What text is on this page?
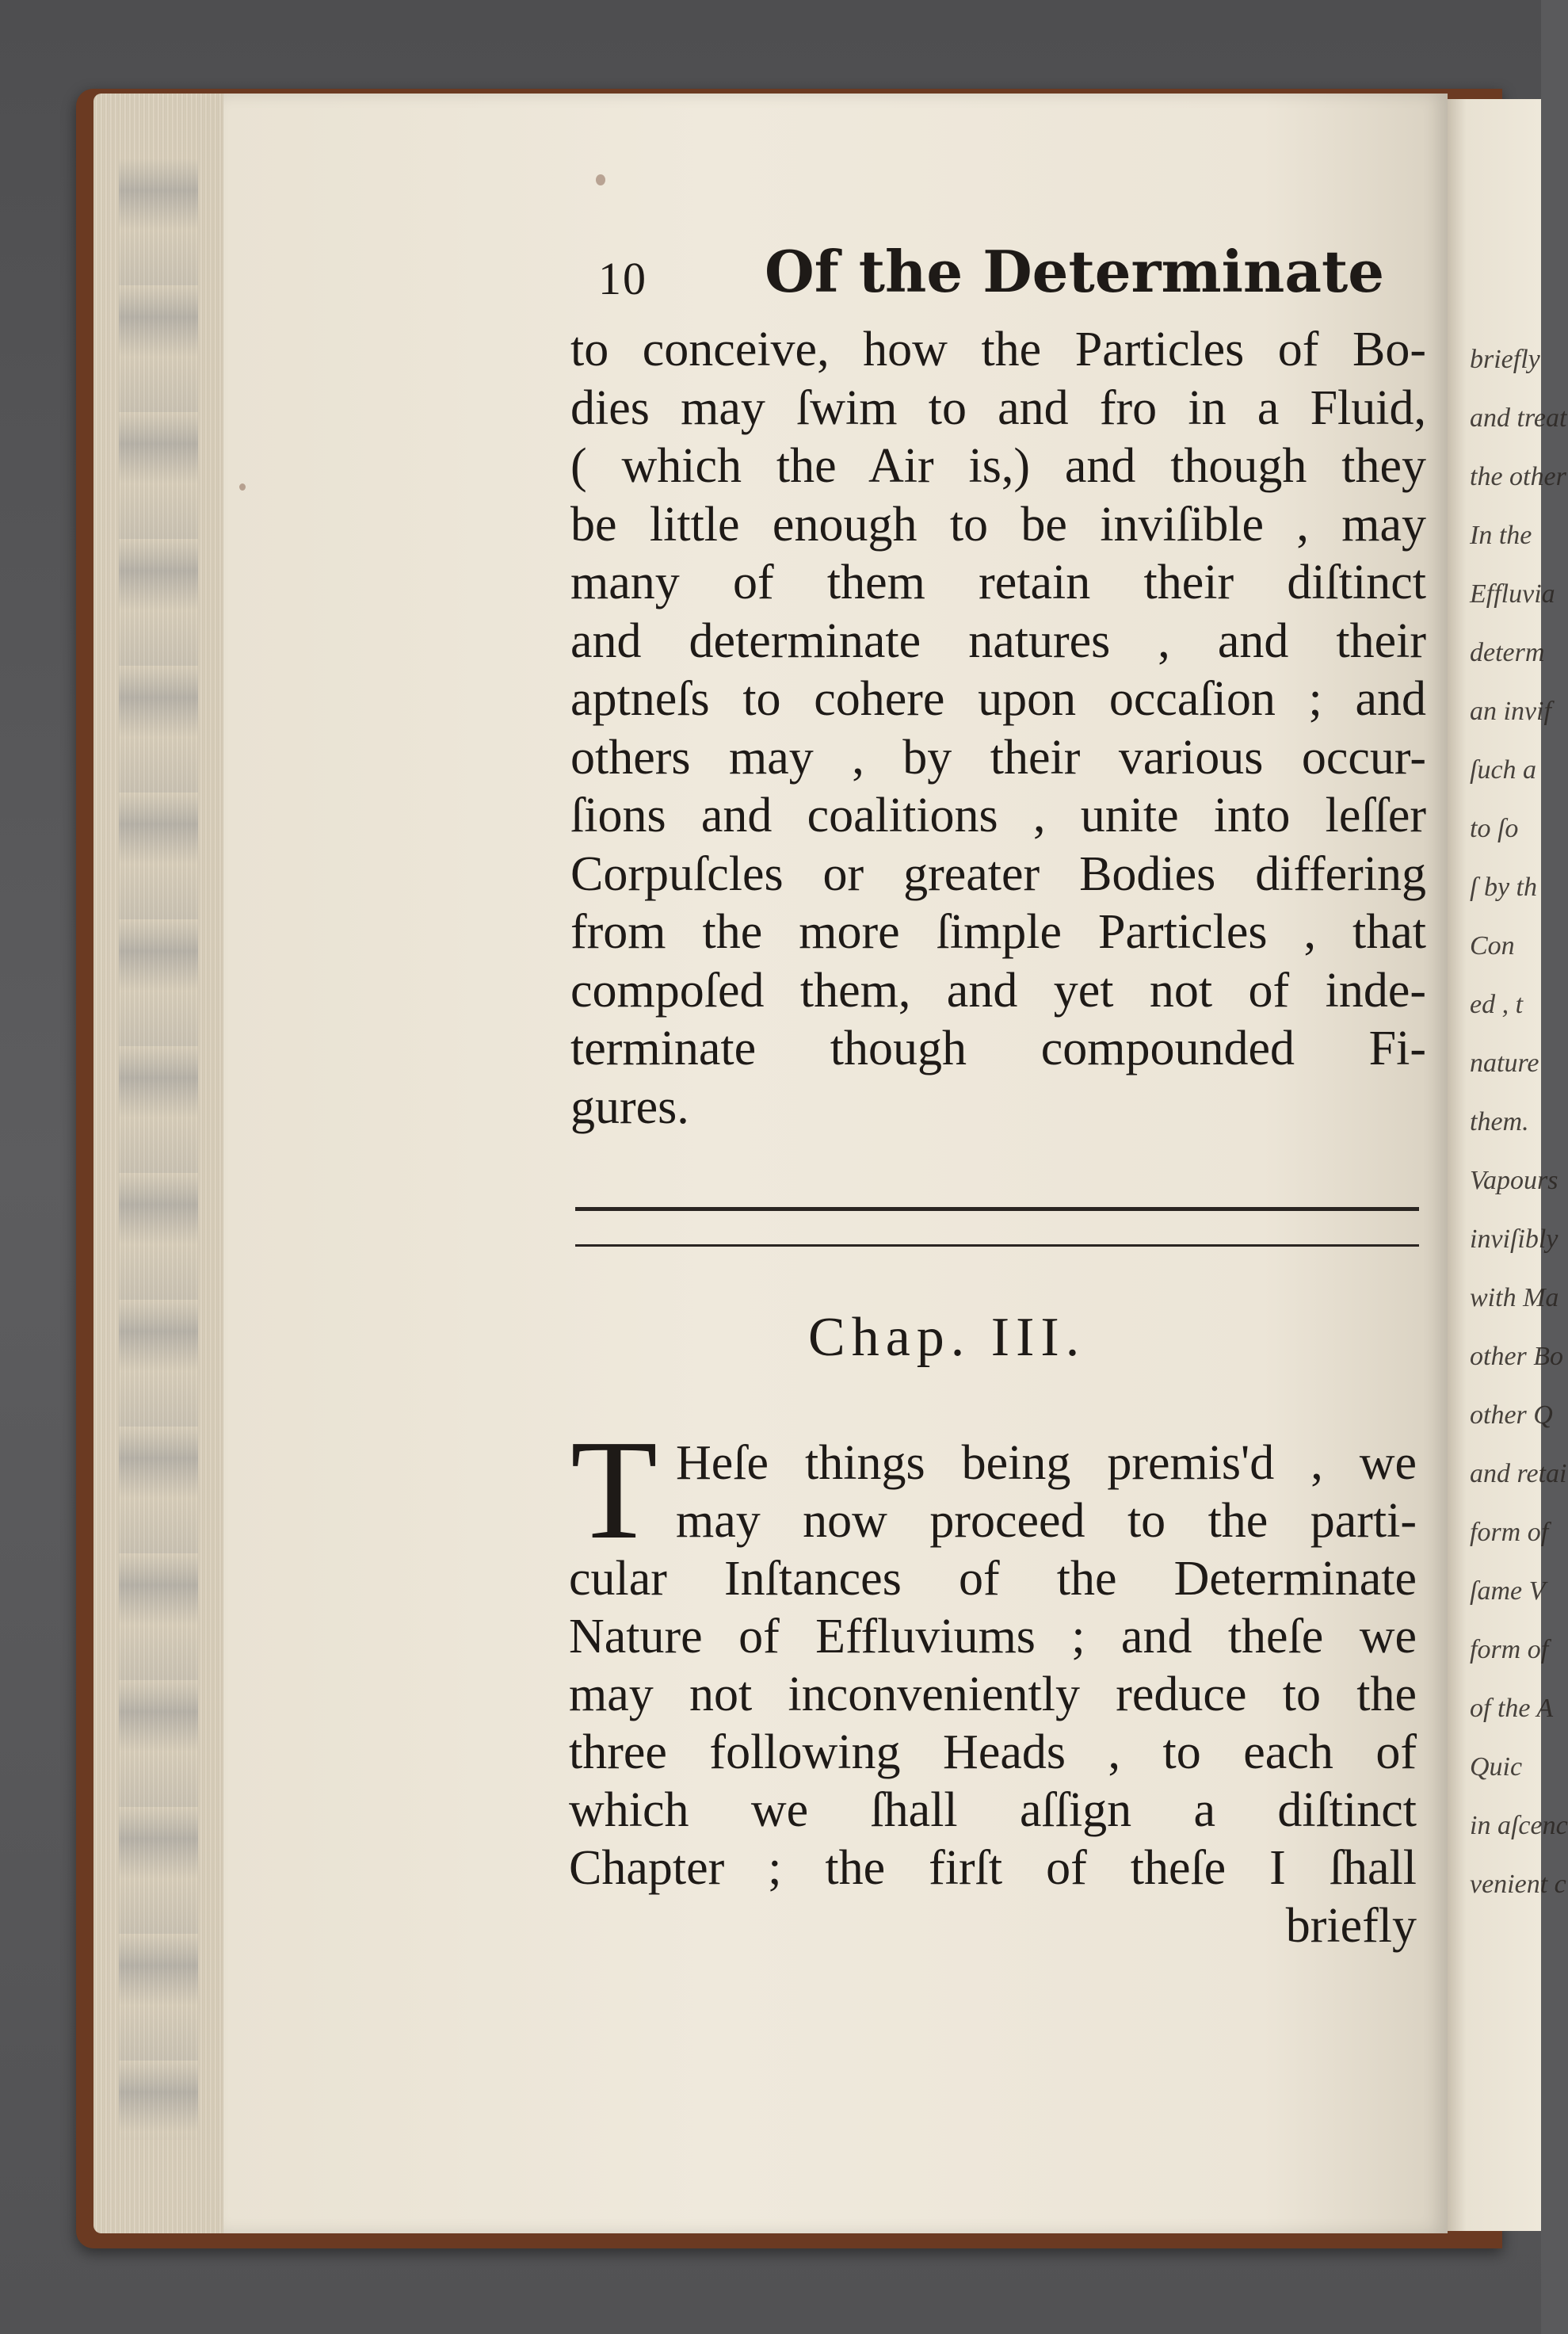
briefly
and treat
the other
In the
Effluvia
determ
an invif
ſuch a
to ſo
ſ by th
Con
ed , t
nature
them.
Vapours
inviſibly
with Ma
other Bo
other Q
and retai
form of
ſame V
form of
of the A
Quic
in aſcenc
venient c
10 Of the Determinate
to conceive, how the Particles of Bo-
dies may ſwim to and fro in a Fluid,
( which the Air is,) and though they
be little enough to be inviſible , may
many of them retain their diſtinct
and determinate natures , and their
aptneſs to cohere upon occaſion ; and
others may , by their various occur-
ſions and coalitions , unite into leſſer
Corpuſcles or greater Bodies differing
from the more ſimple Particles , that
compoſed them, and yet not of inde-
terminate though compounded Fi-
gures.
Chap. III.
T Heſe things being premis'd , we
may now proceed to the parti-
cular Inſtances of the Determinate
Nature of Effluviums ; and theſe we
may not inconveniently reduce to the
three following Heads , to each of
which we ſhall aſſign a diſtinct
Chapter ; the firſt of theſe I ſhall
briefly
